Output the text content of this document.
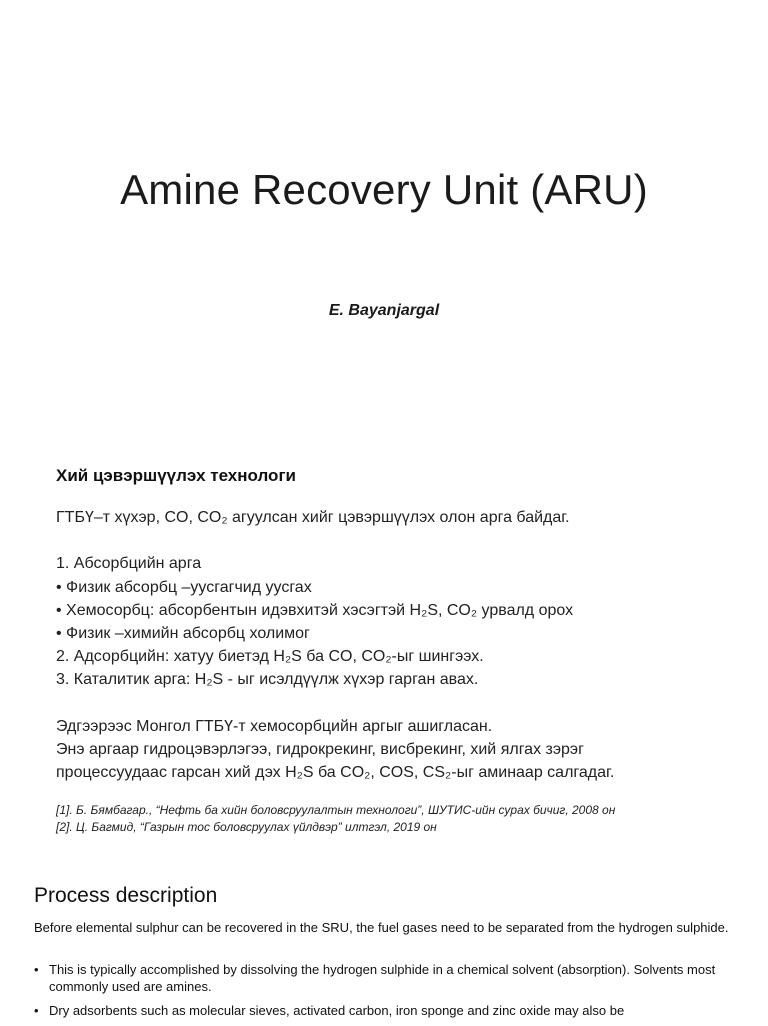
Amine Recovery Unit (ARU)
E. Bayanjargal
Хий цэвэршүүлэх технологи
ГТБҮ–т хүхэр, CO, CO₂ агуулсан хийг цэвэршүүлэх олон арга байдаг.
1. Абсорбцийн арга
• Физик абсорбц –уусгагчид уусгах
• Хемосорбц: абсорбентын идэвхитэй хэсэгтэй H₂S, CO₂ урвалд орох
• Физик –химийн абсорбц холимог
2. Адсорбцийн: хатуу биетэд H₂S ба CO, CO₂-ыг шингээх.
3. Каталитик арга: H₂S - ыг исэлдүүлж хүхэр гарган авах.
Эдгээрээс Монгол ГТБҮ-т хемосорбцийн аргыг ашигласан.
Энэ аргаар гидроцэвэрлэгээ, гидрокрекинг, висбрекинг, хий ялгах зэрэг
процессуудаас гарсан хий дэх H₂S ба CO₂, COS, CS₂-ыг аминаар салгадаг.
[1]. Б. Бямбагар., “Нефть ба хийн боловсруулалтын технологи”, ШУТИС-ийн сурах бичиг, 2008 он
[2]. Ц. Багмид, “Газрын тос боловсруулах үйлдвэр” илтгэл, 2019 он
Process description
Before elemental sulphur can be recovered in the SRU, the fuel gases need to be separated from the hydrogen sulphide.
• This is typically accomplished by dissolving the hydrogen sulphide in a chemical solvent (absorption). Solvents most commonly used are amines.
• Dry adsorbents such as molecular sieves, activated carbon, iron sponge and zinc oxide may also be
